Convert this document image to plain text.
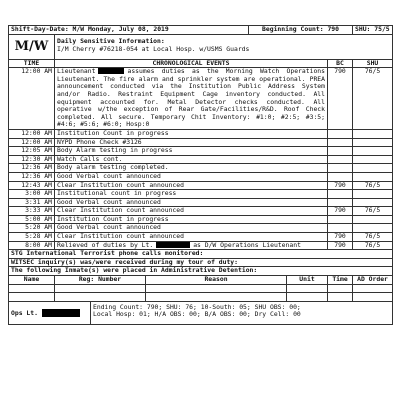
Shift-Day-Date: M/W Monday, July 08, 2019				Beginning Count: 790			SHU: 75/5
M/W	Daily Sensitive Information:
I/M Cherry #76218-054 at Local Hosp. w/USMS Guards						

TIME	CHRONOLOGICAL EVENTS					BC	SHU
12:00 AM	Lieutenant assumes duties as the Morning Watch Operations Lieutenant. The fire alarm and sprinkler system are operational. PREA announcement conducted via the Institution Public Address System and/or Radio. Restraint Equipment Cage inventory conducted. All equipment accounted for. Metal Detector checks conducted. All operative w/the exception of Rear Gate/Facilities/R&D. Roof Check completed. All secure. Temporary Chit Inventory: #1:0; #2:5; #3:5; #4:6; #5:6; #6:0; Hosp:0					790	76/5
12:00 AM	Institution Count in progress						
12:00 AM	NYPD Phone Check #3126						
12:05 AM	Body Alarm testing in progress						
12:30 AM	Watch Calls cont.						
12:36 AM	Body alarm testing completed.						
12:36 AM	Good Verbal count announced						
12:43 AM	Clear Institution count announced					790	76/5
3:00 AM	Institutional count in progress						
3:31 AM	Good Verbal count announced						
3:33 AM	Clear Institution count announced					790	76/5
5:00 AM	Institution Count in progress						
5:20 AM	Good Verbal count announced						
5:28 AM	Clear Institution count announced					790	76/5
8:00 AM	Relieved of duties by Lt. as D/W Operations Lieutenant					790	76/5
STG International Terrorist phone calls monitored:							
WITSEC inquiry(s) was/were received during my tour of duty:							
The following Inmate(s) were placed in Administrative Detention:							
Name	Reg: Number		Reason		Unit	Time	AD Order

Ops Lt.		Ending Count: 790; SHU: 76; 10-South: 05; SHU OBS: 00;
Local Hosp: 01; H/A OBS: 00; B/A OBS: 00; Dry Cell: 00					
